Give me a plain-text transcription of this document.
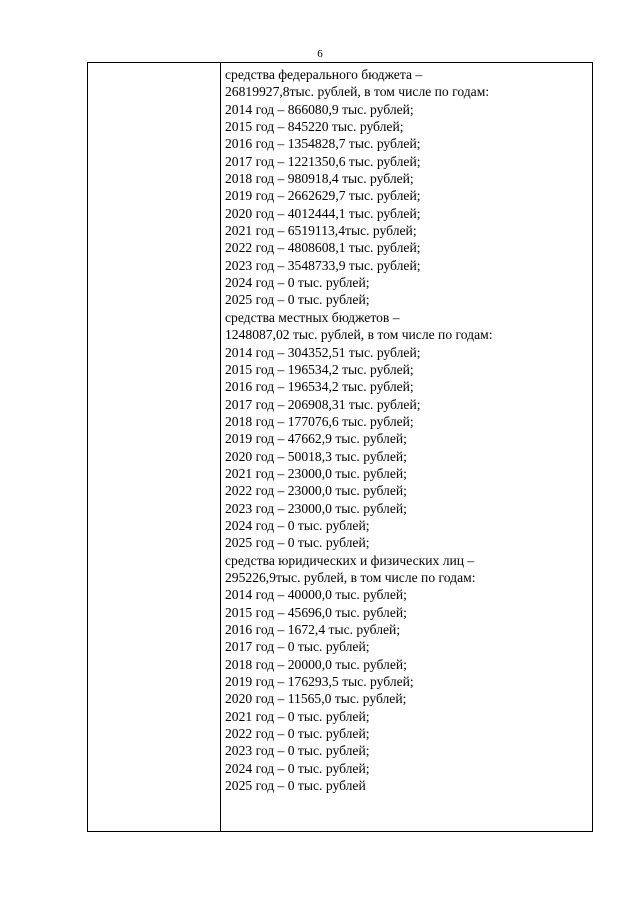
6
средства федерального бюджета –
26819927,8тыс. рублей, в том числе по годам:
2014 год – 866080,9 тыс. рублей;
2015 год – 845220 тыс. рублей;
2016 год – 1354828,7 тыс. рублей;
2017 год – 1221350,6 тыс. рублей;
2018 год – 980918,4 тыс. рублей;
2019 год – 2662629,7 тыс. рублей;
2020 год – 4012444,1 тыс. рублей;
2021 год – 6519113,4тыс. рублей;
2022 год – 4808608,1 тыс. рублей;
2023 год – 3548733,9 тыс. рублей;
2024 год – 0 тыс. рублей;
2025 год – 0 тыс. рублей;
средства местных бюджетов –
1248087,02 тыс. рублей, в том числе по годам:
2014 год – 304352,51 тыс. рублей;
2015 год – 196534,2 тыс. рублей;
2016 год – 196534,2 тыс. рублей;
2017 год – 206908,31 тыс. рублей;
2018 год – 177076,6 тыс. рублей;
2019 год – 47662,9 тыс. рублей;
2020 год – 50018,3 тыс. рублей;
2021 год – 23000,0 тыс. рублей;
2022 год – 23000,0 тыс. рублей;
2023 год – 23000,0 тыс. рублей;
2024 год – 0 тыс. рублей;
2025 год – 0 тыс. рублей;
средства юридических и физических лиц –
295226,9тыс. рублей, в том числе по годам:
2014 год – 40000,0 тыс. рублей;
2015 год – 45696,0 тыс. рублей;
2016 год – 1672,4 тыс. рублей;
2017 год – 0 тыс. рублей;
2018 год – 20000,0 тыс. рублей;
2019 год – 176293,5 тыс. рублей;
2020 год – 11565,0 тыс. рублей;
2021 год – 0 тыс. рублей;
2022 год – 0 тыс. рублей;
2023 год – 0 тыс. рублей;
2024 год – 0 тыс. рублей;
2025 год – 0 тыс. рублей
